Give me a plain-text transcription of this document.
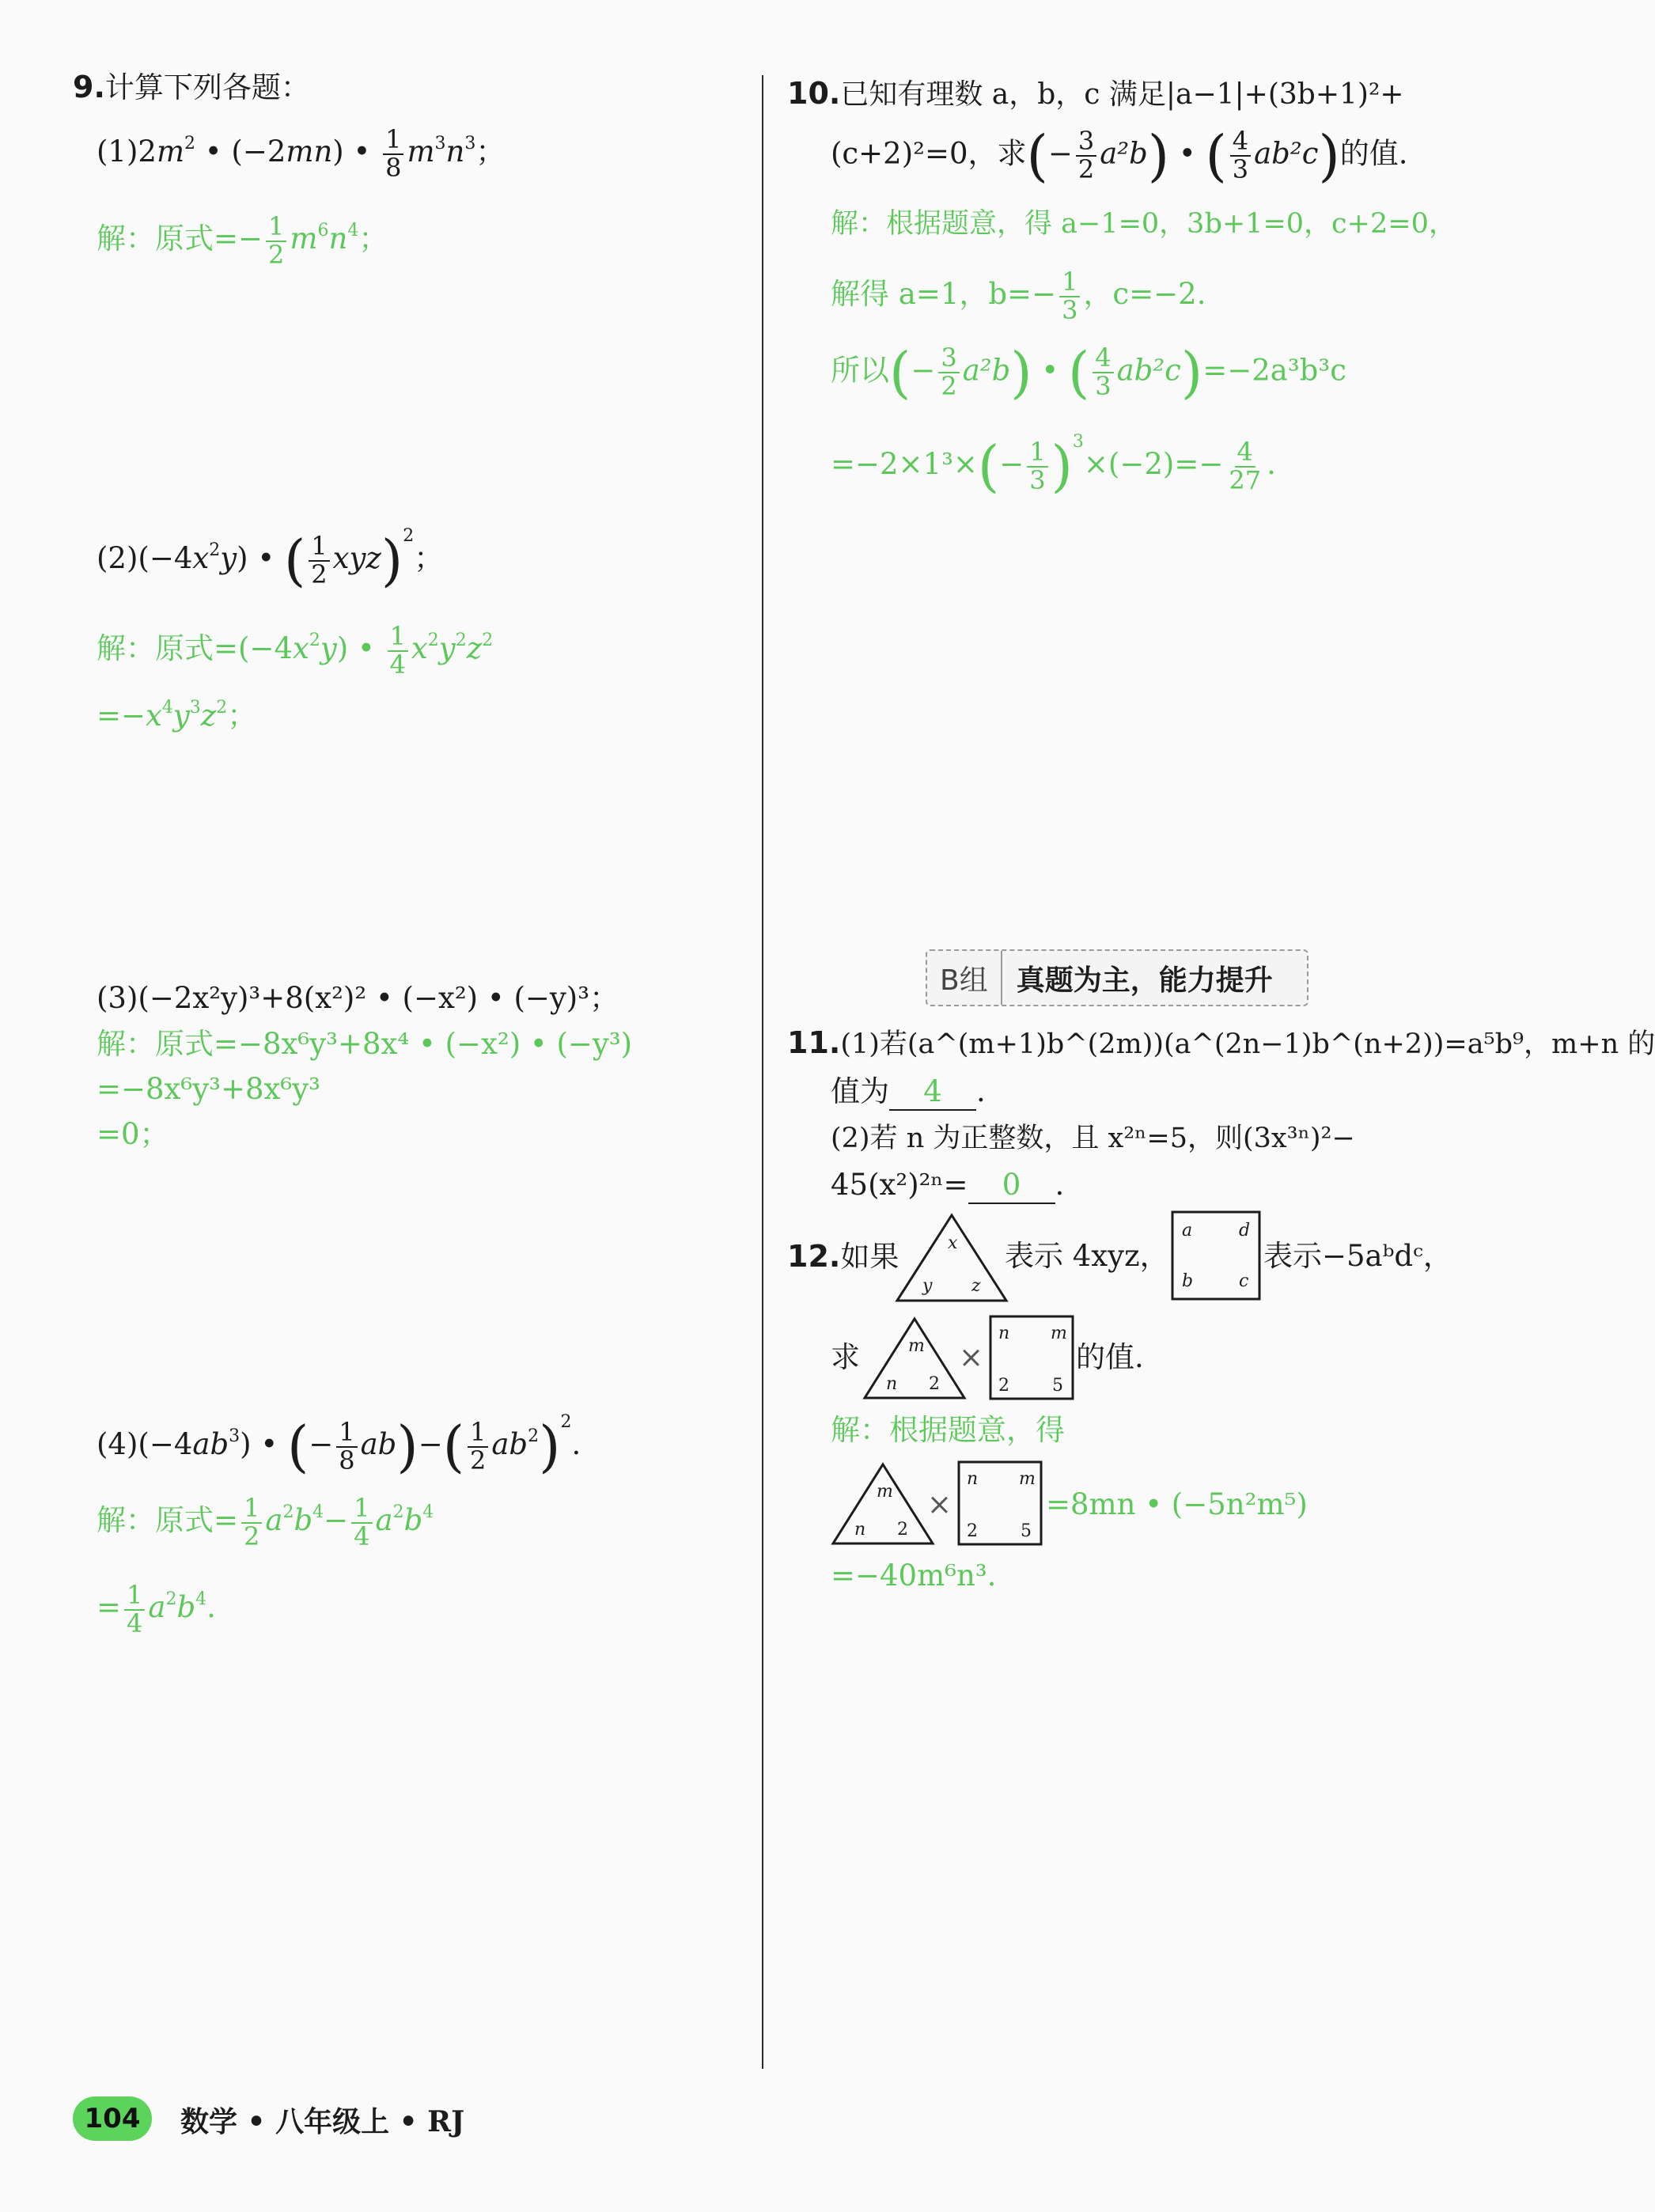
9.计算下列各题：
$(1)2m^2$ • (−2mn) • $\frac{1}{8} m^3n^3$；
解：原式=− $\frac{1}{2} m^6n^4$；
$(2)(-4x^2y)$ • ( $\frac{1}{2} xyz)^2$；
解：原式$=(-4x^2y)$ • $\frac{1}{4} x^2y^2z^2$
$=-x^4y^3z^2$；
(3)(−2x²y)³+8(x²)² • (−x²) • (−y)³；
解：原式=−8x⁶y³+8x⁴ • (−x²) • (−y³)
=−8x⁶y³+8x⁶y³
=0；
$(4)(-4ab^3)$ • (− $\frac{1}{8} ab)-( \frac{1}{2} ab^2)^2$.
解：原式= $\frac{1}{2} a^2b^4- \frac{1}{4} a^2b^4$
= $\frac{1}{4} a^2b^4$.
10.已知有理数 a，b，c 满足|a−1|+(3b+1)²+
(c+2)²=0，求(− $\frac{3}{2} a^2b$) • ( $\frac{4}{3} ab^2c$)的值.
解：根据题意，得 a−1=0，3b+1=0，c+2=0，
解得 a=1，$b=- \frac{1}{3}$ ，c=−2.
所以(− $\frac{3}{2} a^2b$) • ( $\frac{4}{3} ab^2c)=-2a^3b^3c$
$=-2\times 1^3\times(- \frac{1}{3} )^3\times(-2)=- \frac{4}{27}$ .
B组	真题为主，能力提升
11.(1)若(a^(m+1)b^(2m))(a^(2n−1)b^(n+2))=a⁵b⁹，m+n 的
值为 4 .
(2)若 n 为正整数，且 x²ⁿ=5，则(3x³ⁿ)²−
45(x²)²ⁿ= 0 .
12.如果	x
y z
表示 4xyz，
a	d
b	c
表示−5aᵇdᶜ，
求	m
n 2
×
n m
2 5
的值.
解：根据题意，得
m
n 2
×
n m
2 5
=8mn • (−5n²m⁵)
=−40m⁶n³.
104	数学 • 八年级上 • RJ
